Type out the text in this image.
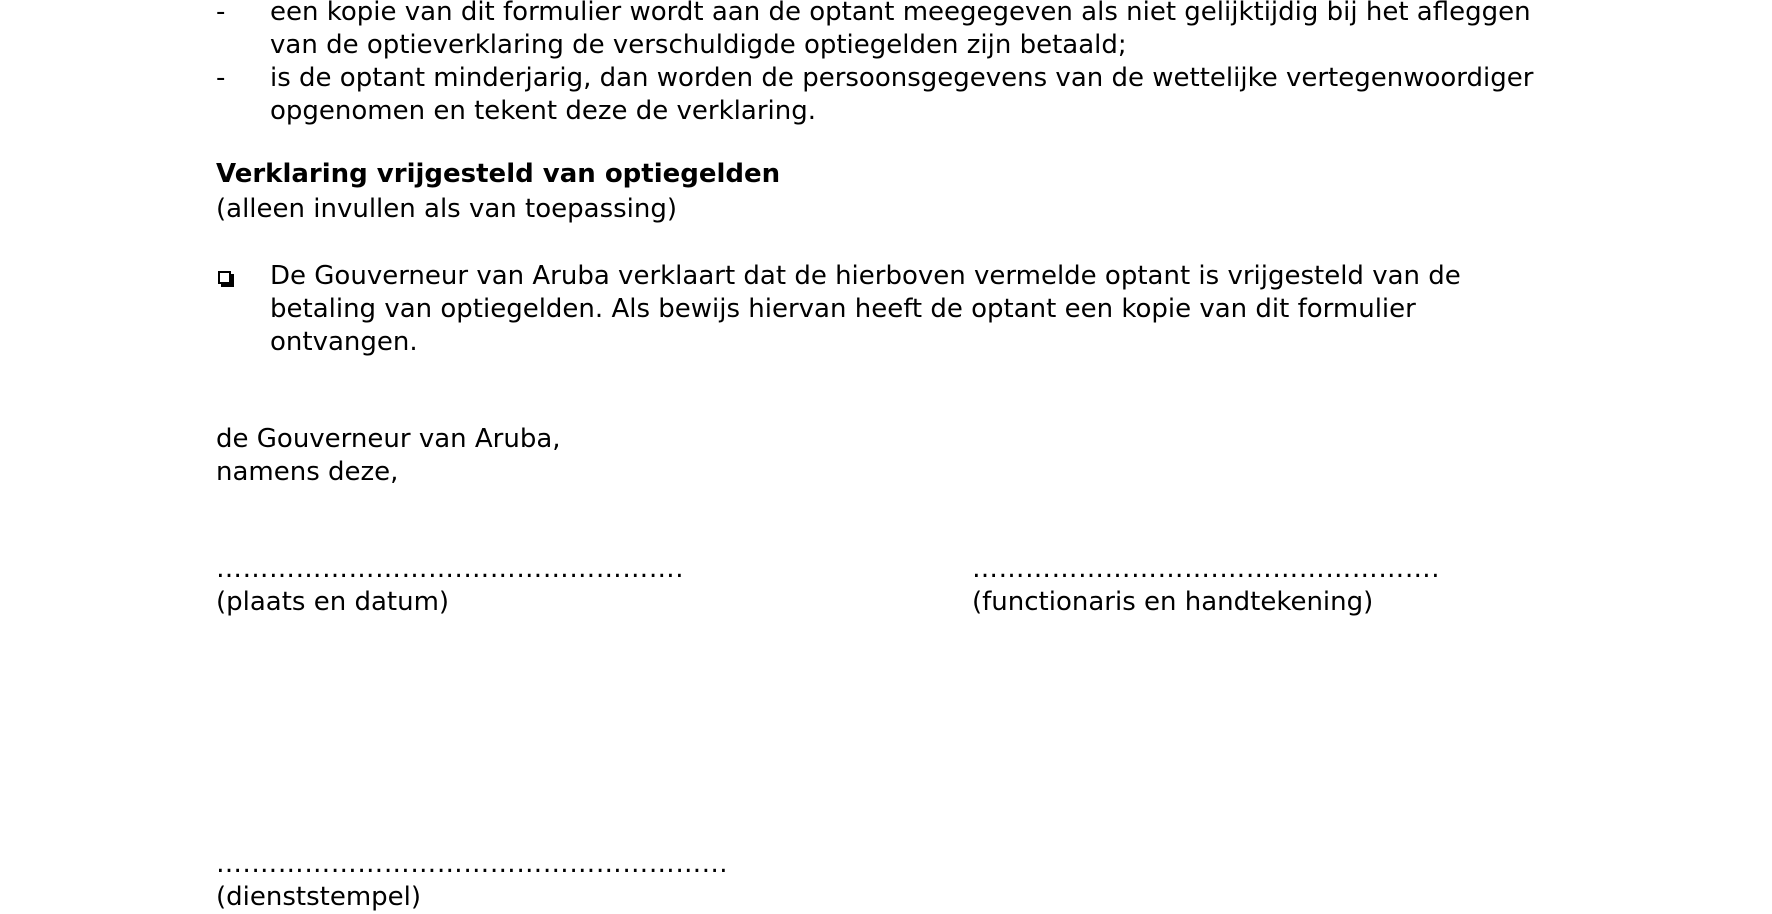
-	een kopie van dit formulier wordt aan de optant meegegeven als niet gelijktijdig bij het afleggen van de optieverklaring de verschuldigde optiegelden zijn betaald;
-	is de optant minderjarig, dan worden de persoonsgegevens van de wettelijke vertegenwoordiger opgenomen en tekent deze de verklaring.
Verklaring vrijgesteld van optiegelden
(alleen invullen als van toepassing)
De Gouverneur van Aruba verklaart dat de hierboven vermelde optant is vrijgesteld van de betaling van optiegelden. Als bewijs hiervan heeft de optant een kopie van dit formulier ontvangen.
de Gouverneur van Aruba,
namens deze,
……………………….…………………….
(plaats en datum)
……………………….…………………….
(functionaris en handtekening)
….……………………………………………...
(dienststempel)
